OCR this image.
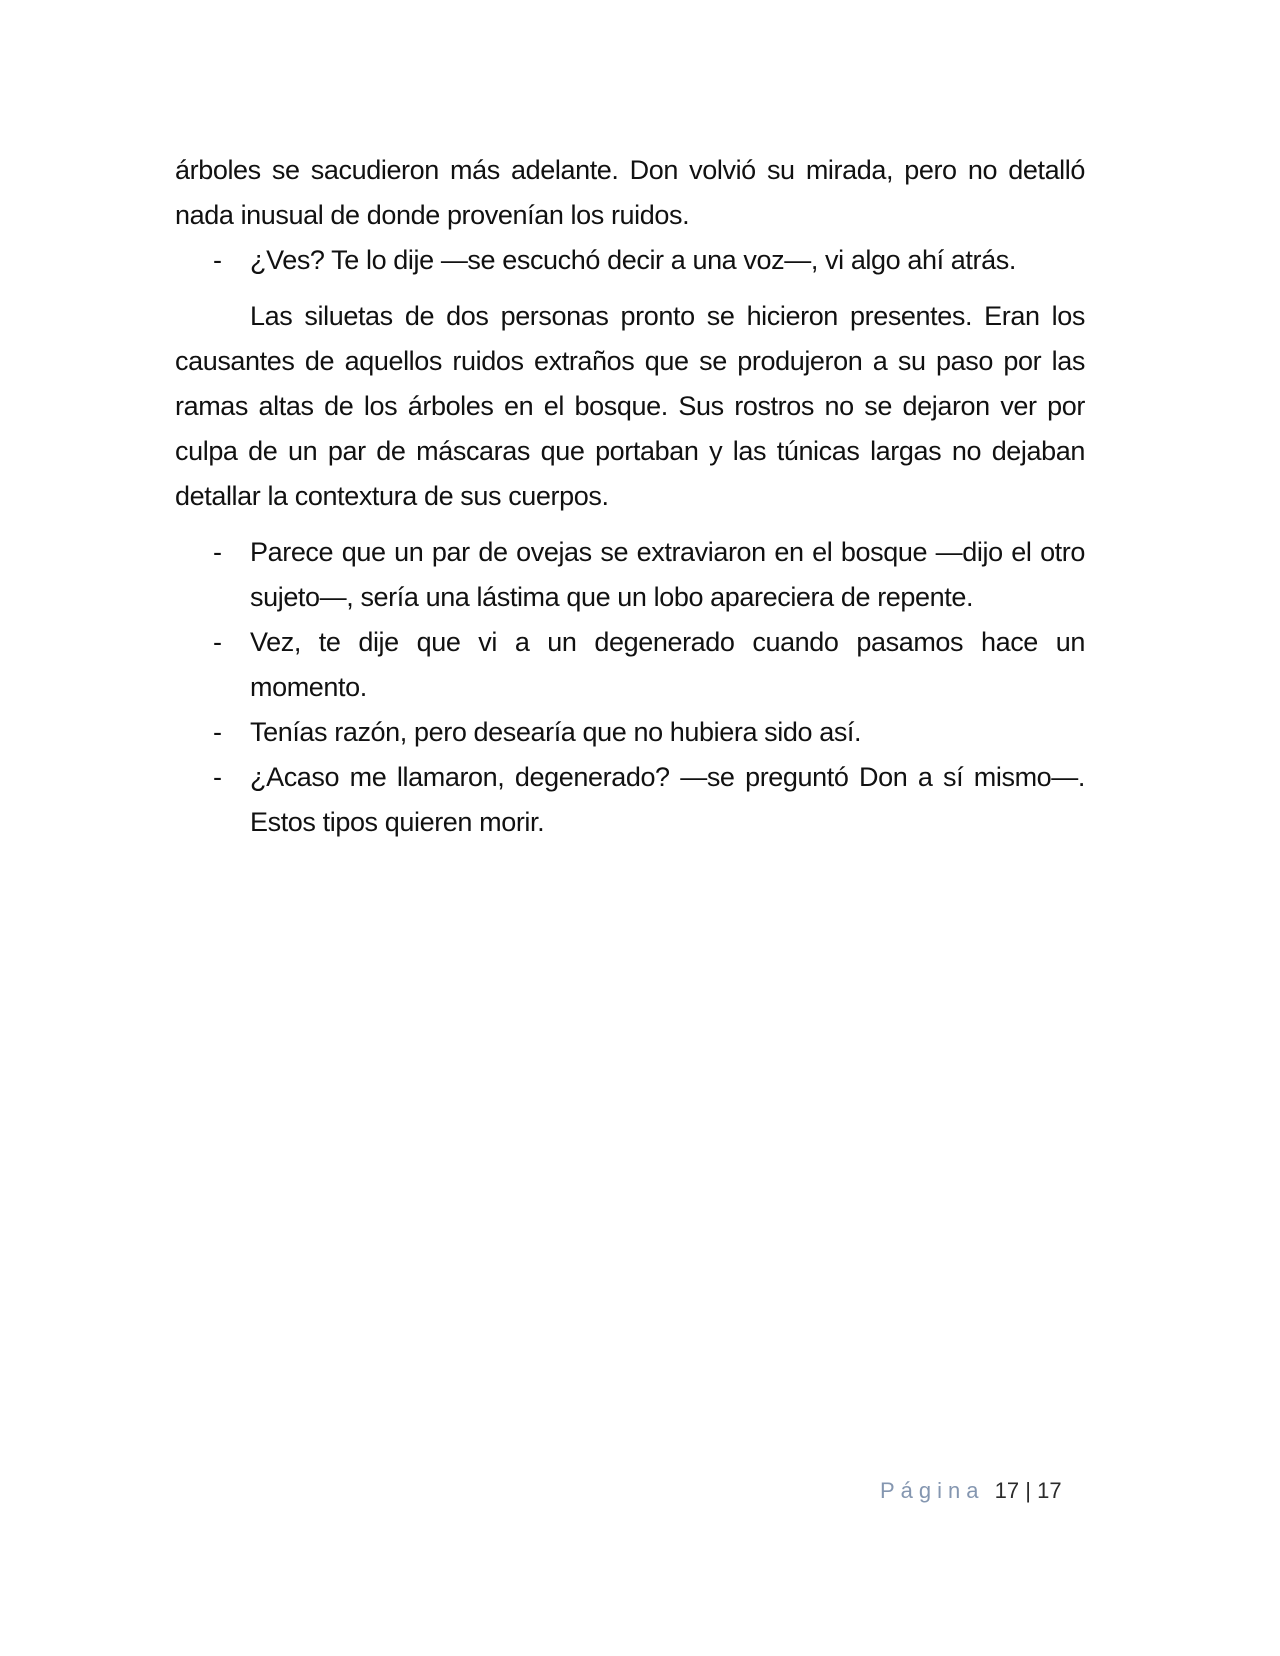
árboles se sacudieron más adelante. Don volvió su mirada, pero no detalló nada inusual de donde provenían los ruidos.

- ¿Ves? Te lo dije —se escuchó decir a una voz—, vi algo ahí atrás.

Las siluetas de dos personas pronto se hicieron presentes. Eran los causantes de aquellos ruidos extraños que se produjeron a su paso por las ramas altas de los árboles en el bosque. Sus rostros no se dejaron ver por culpa de un par de máscaras que portaban y las túnicas largas no dejaban detallar la contextura de sus cuerpos.

- Parece que un par de ovejas se extraviaron en el bosque —dijo el otro sujeto—, sería una lástima que un lobo apareciera de repente.

- Vez, te dije que vi a un degenerado cuando pasamos hace un momento.

- Tenías razón, pero desearía que no hubiera sido así.

- ¿Acaso me llamaron, degenerado? —se preguntó Don a sí mismo—. Estos tipos quieren morir.

Página 17 | 17
